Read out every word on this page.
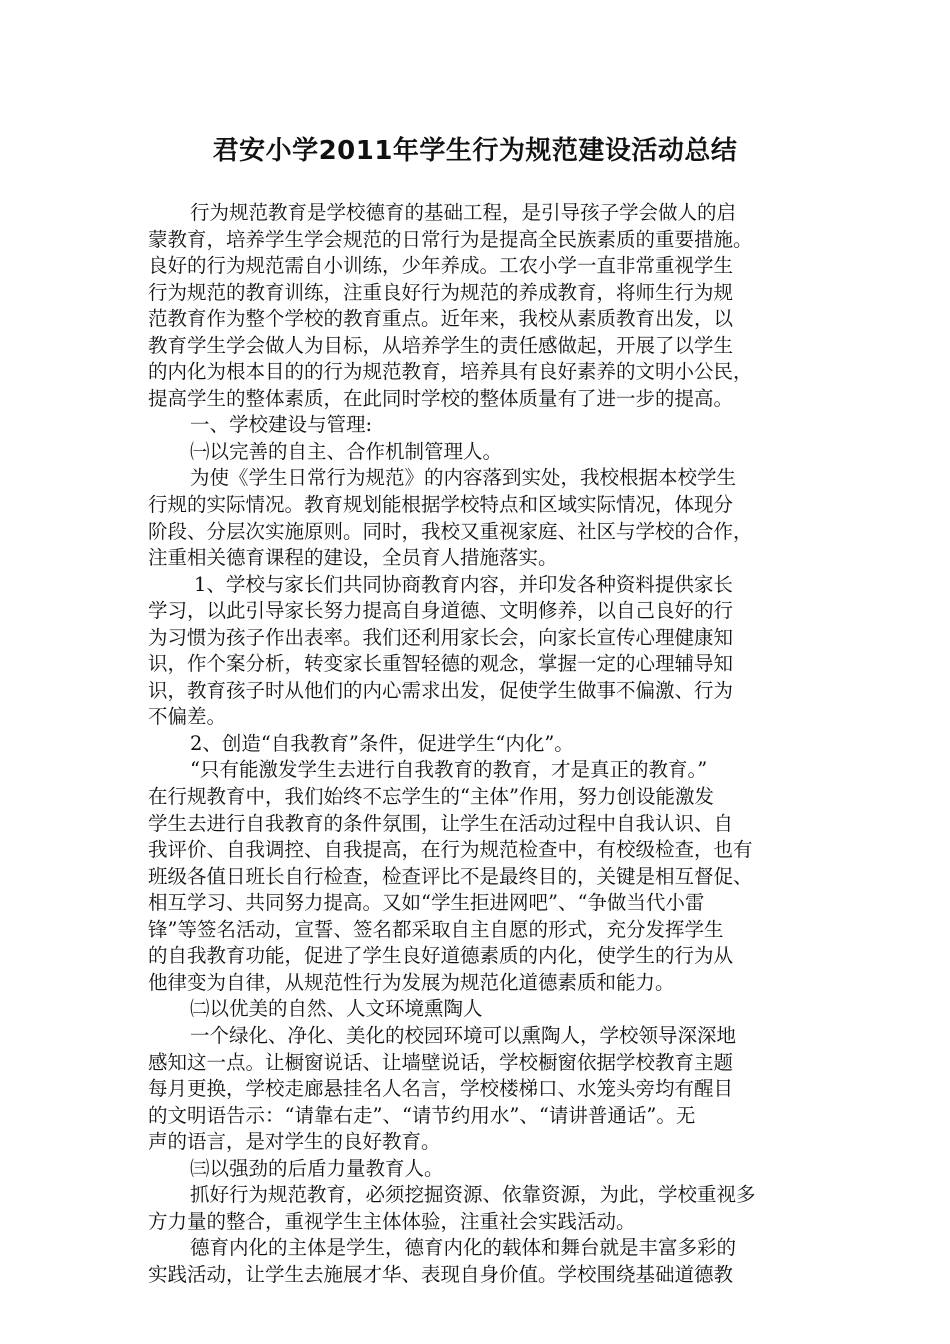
君安小学2011年学生行为规范建设活动总结
行为规范教育是学校德育的基础工程，是引导孩子学会做人的启
蒙教育，培养学生学会规范的日常行为是提高全民族素质的重要措施。
良好的行为规范需自小训练，少年养成。工农小学一直非常重视学生
行为规范的教育训练，注重良好行为规范的养成教育，将师生行为规
范教育作为整个学校的教育重点。近年来，我校从素质教育出发，以
教育学生学会做人为目标，从培养学生的责任感做起，开展了以学生
的内化为根本目的的行为规范教育，培养具有良好素养的文明小公民，
提高学生的整体素质，在此同时学校的整体质量有了进一步的提高。
一、学校建设与管理:
㈠以完善的自主、合作机制管理人。
为使《学生日常行为规范》的内容落到实处，我校根据本校学生
行规的实际情况。教育规划能根据学校特点和区域实际情况，体现分
阶段、分层次实施原则。同时，我校又重视家庭、社区与学校的合作，
注重相关德育课程的建设，全员育人措施落实。
1、学校与家长们共同协商教育内容，并印发各种资料提供家长
学习，以此引导家长努力提高自身道德、文明修养，以自己良好的行
为习惯为孩子作出表率。我们还利用家长会，向家长宣传心理健康知
识，作个案分析，转变家长重智轻德的观念，掌握一定的心理辅导知
识，教育孩子时从他们的内心需求出发，促使学生做事不偏激、行为
不偏差。
2、创造“自我教育”条件，促进学生“内化”。
“只有能激发学生去进行自我教育的教育，才是真正的教育。”
在行规教育中，我们始终不忘学生的“主体”作用，努力创设能激发
学生去进行自我教育的条件氛围，让学生在活动过程中自我认识、自
我评价、自我调控、自我提高，在行为规范检查中，有校级检查，也有
班级各值日班长自行检查，检查评比不是最终目的，关键是相互督促、
相互学习、共同努力提高。又如“学生拒进网吧”、“争做当代小雷
锋”等签名活动，宣誓、签名都采取自主自愿的形式，充分发挥学生
的自我教育功能，促进了学生良好道德素质的内化，使学生的行为从
他律变为自律，从规范性行为发展为规范化道德素质和能力。
㈡以优美的自然、人文环境熏陶人
一个绿化、净化、美化的校园环境可以熏陶人，学校领导深深地
感知这一点。让橱窗说话、让墙壁说话，学校橱窗依据学校教育主题
每月更换，学校走廊悬挂名人名言，学校楼梯口、水笼头旁均有醒目
的文明语告示：“请靠右走”、“请节约用水”、“请讲普通话”。无
声的语言，是对学生的良好教育。
㈢以强劲的后盾力量教育人。
抓好行为规范教育，必须挖掘资源、依靠资源，为此，学校重视多
方力量的整合，重视学生主体体验，注重社会实践活动。
德育内化的主体是学生，德育内化的载体和舞台就是丰富多彩的
实践活动，让学生去施展才华、表现自身价值。学校围绕基础道德教
